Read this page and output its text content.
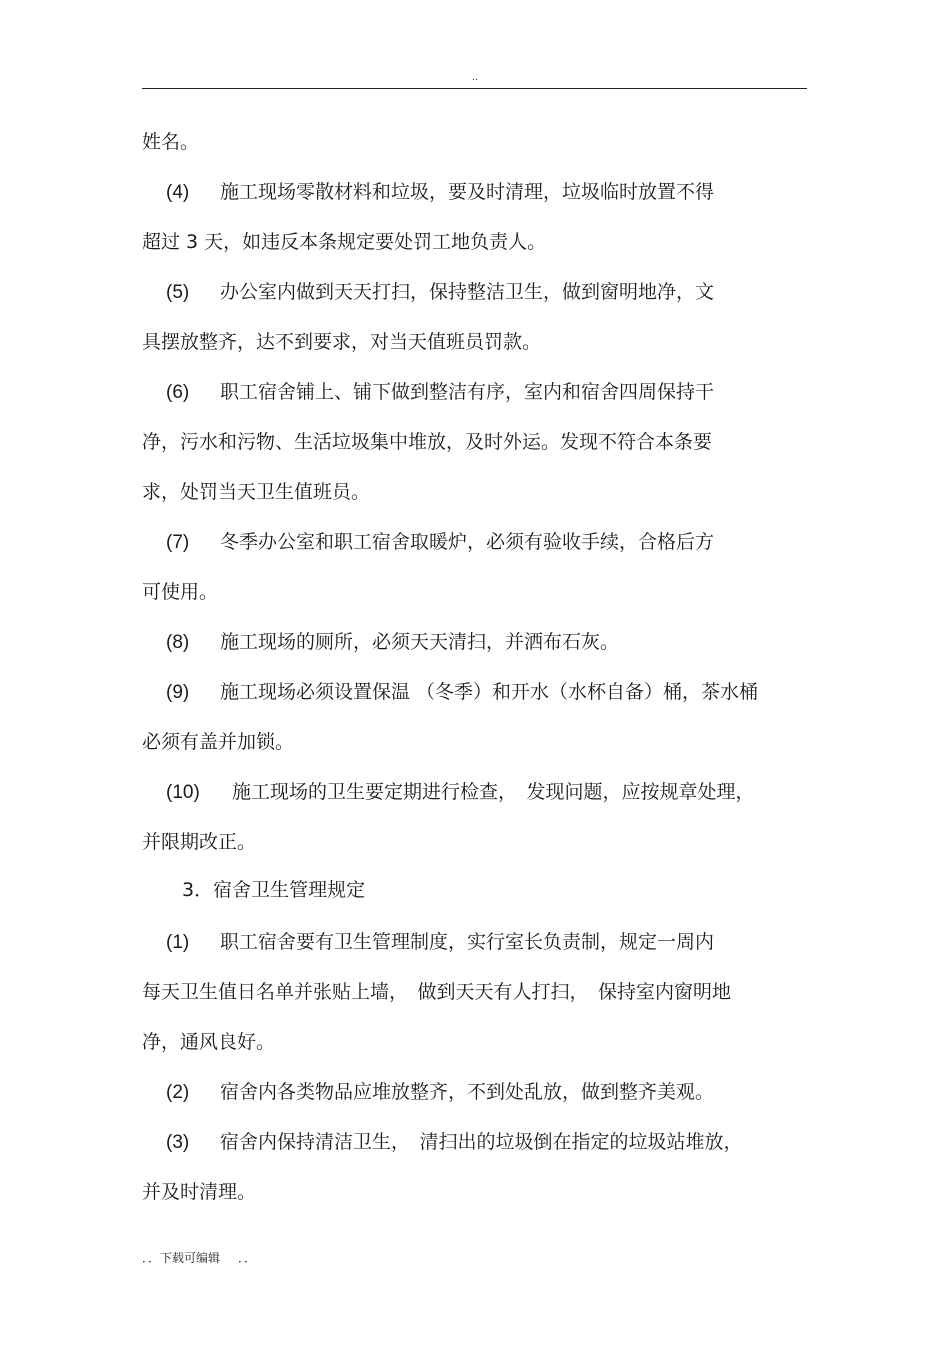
..
姓名。
(4) 施工现场零散材料和垃圾，要及时清理，垃圾临时放置不得
超过 3 天，如违反本条规定要处罚工地负责人。
(5) 办公室内做到天天打扫，保持整洁卫生，做到窗明地净，文
具摆放整齐，达不到要求，对当天值班员罚款。
(6) 职工宿舍铺上、铺下做到整洁有序，室内和宿舍四周保持干
净，污水和污物、生活垃圾集中堆放，及时外运。发现不符合本条要
求，处罚当天卫生值班员。
(7) 冬季办公室和职工宿舍取暖炉，必须有验收手续，合格后方
可使用。
(8) 施工现场的厕所，必须天天清扫，并洒布石灰。
(9) 施工现场必须设置保温 （冬季）和开水（水杯自备）桶，茶水桶
必须有盖并加锁。
(10) 施工现场的卫生要定期进行检查，　发现问题，应按规章处理，
并限期改正。
3．宿舍卫生管理规定
(1) 职工宿舍要有卫生管理制度，实行室长负责制，规定一周内
每天卫生值日名单并张贴上墙，　做到天天有人打扫，　保持室内窗明地
净，通风良好。
(2) 宿舍内各类物品应堆放整齐，不到处乱放，做到整齐美观。
(3) 宿舍内保持清洁卫生，　清扫出的垃圾倒在指定的垃圾站堆放，
并及时清理。
．．下载可编辑 ．．
